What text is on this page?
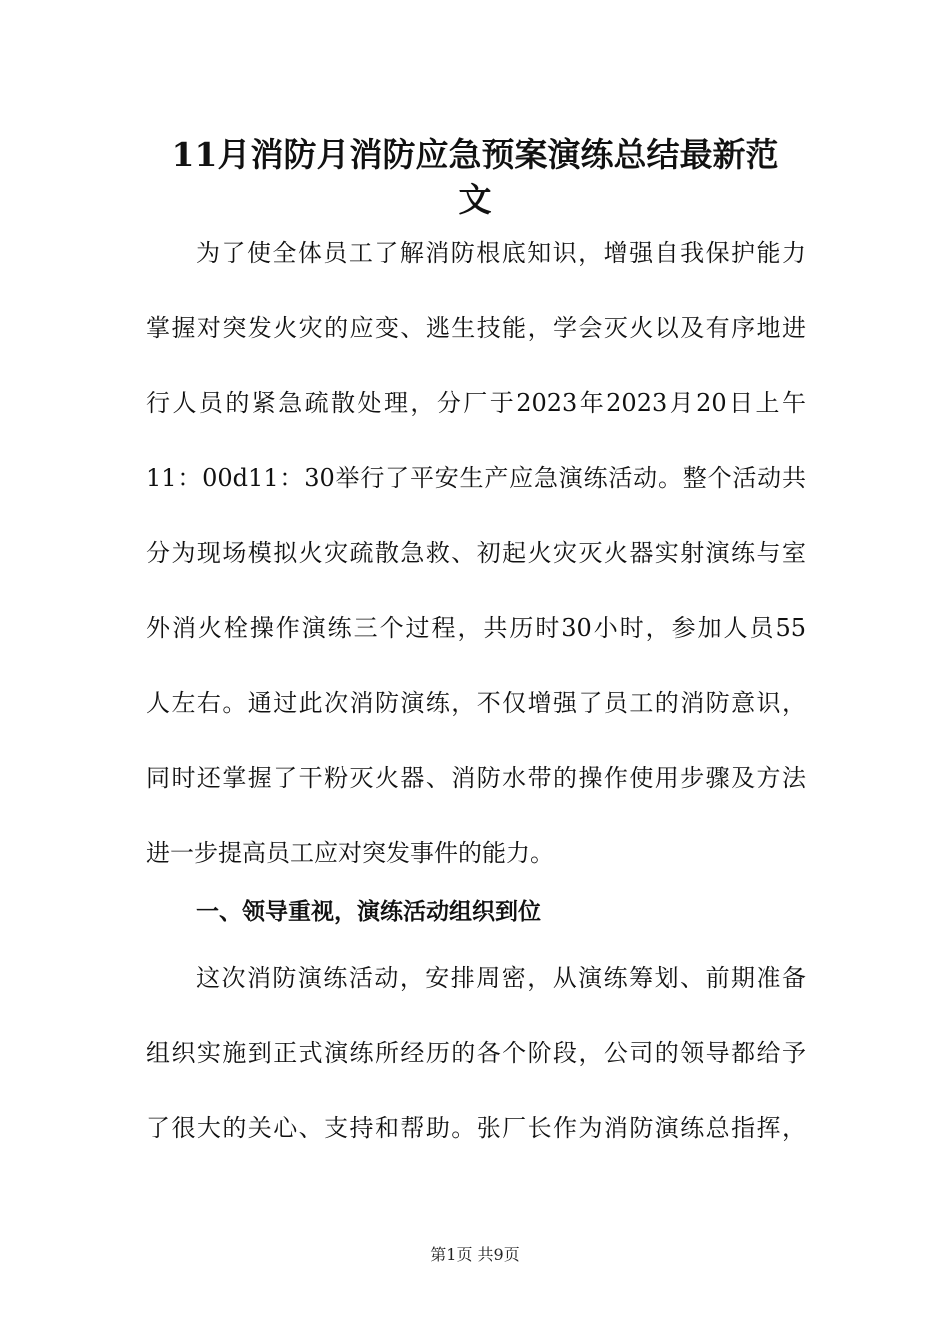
11月消防月消防应急预案演练总结最新范
文

为了使全体员工了解消防根底知识，增强自我保护能力

掌握对突发火灾的应变、逃生技能，学会灭火以及有序地进

行人员的紧急疏散处理，分厂于2023年2023月20日上午

11：00d11：30举行了平安生产应急演练活动。整个活动共

分为现场模拟火灾疏散急救、初起火灾灭火器实射演练与室

外消火栓操作演练三个过程，共历时30小时，参加人员55

人左右。通过此次消防演练，不仅增强了员工的消防意识，

同时还掌握了干粉灭火器、消防水带的操作使用步骤及方法

进一步提高员工应对突发事件的能力。

一、领导重视，演练活动组织到位

这次消防演练活动，安排周密，从演练筹划、前期准备

组织实施到正式演练所经历的各个阶段，公司的领导都给予

了很大的关心、支持和帮助。张厂长作为消防演练总指挥，

第1页 共9页
